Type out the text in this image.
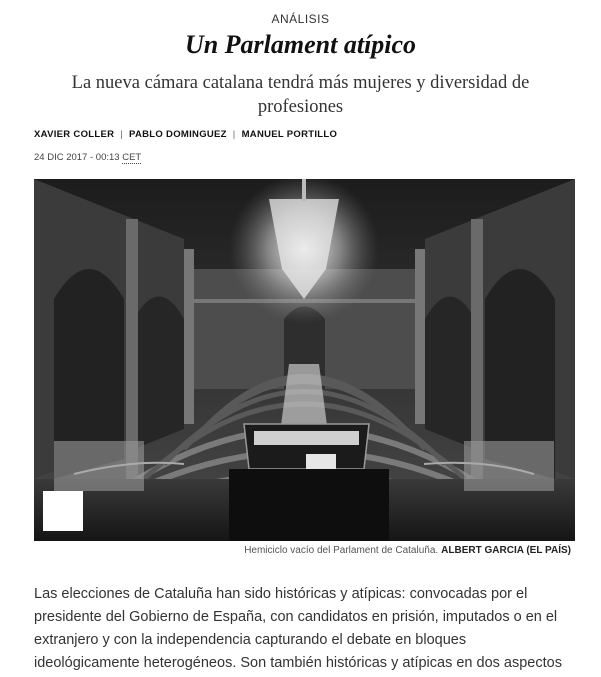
ANÁLISIS
Un Parlament atípico
La nueva cámara catalana tendrá más mujeres y diversidad de profesiones
XAVIER COLLER | PABLO DOMINGUEZ | MANUEL PORTILLO
24 DIC 2017 - 00:13 CET
Hemiciclo vacío del Parlament de Cataluña. ALBERT GARCIA (EL PAÍS)

Las elecciones de Cataluña han sido históricas y atípicas: convocadas por el presidente del Gobierno de España, con candidatos en prisión, imputados o en el extranjero y con la independencia capturando el debate en bloques ideológicamente heterogéneos. Son también históricas y atípicas en dos aspectos
